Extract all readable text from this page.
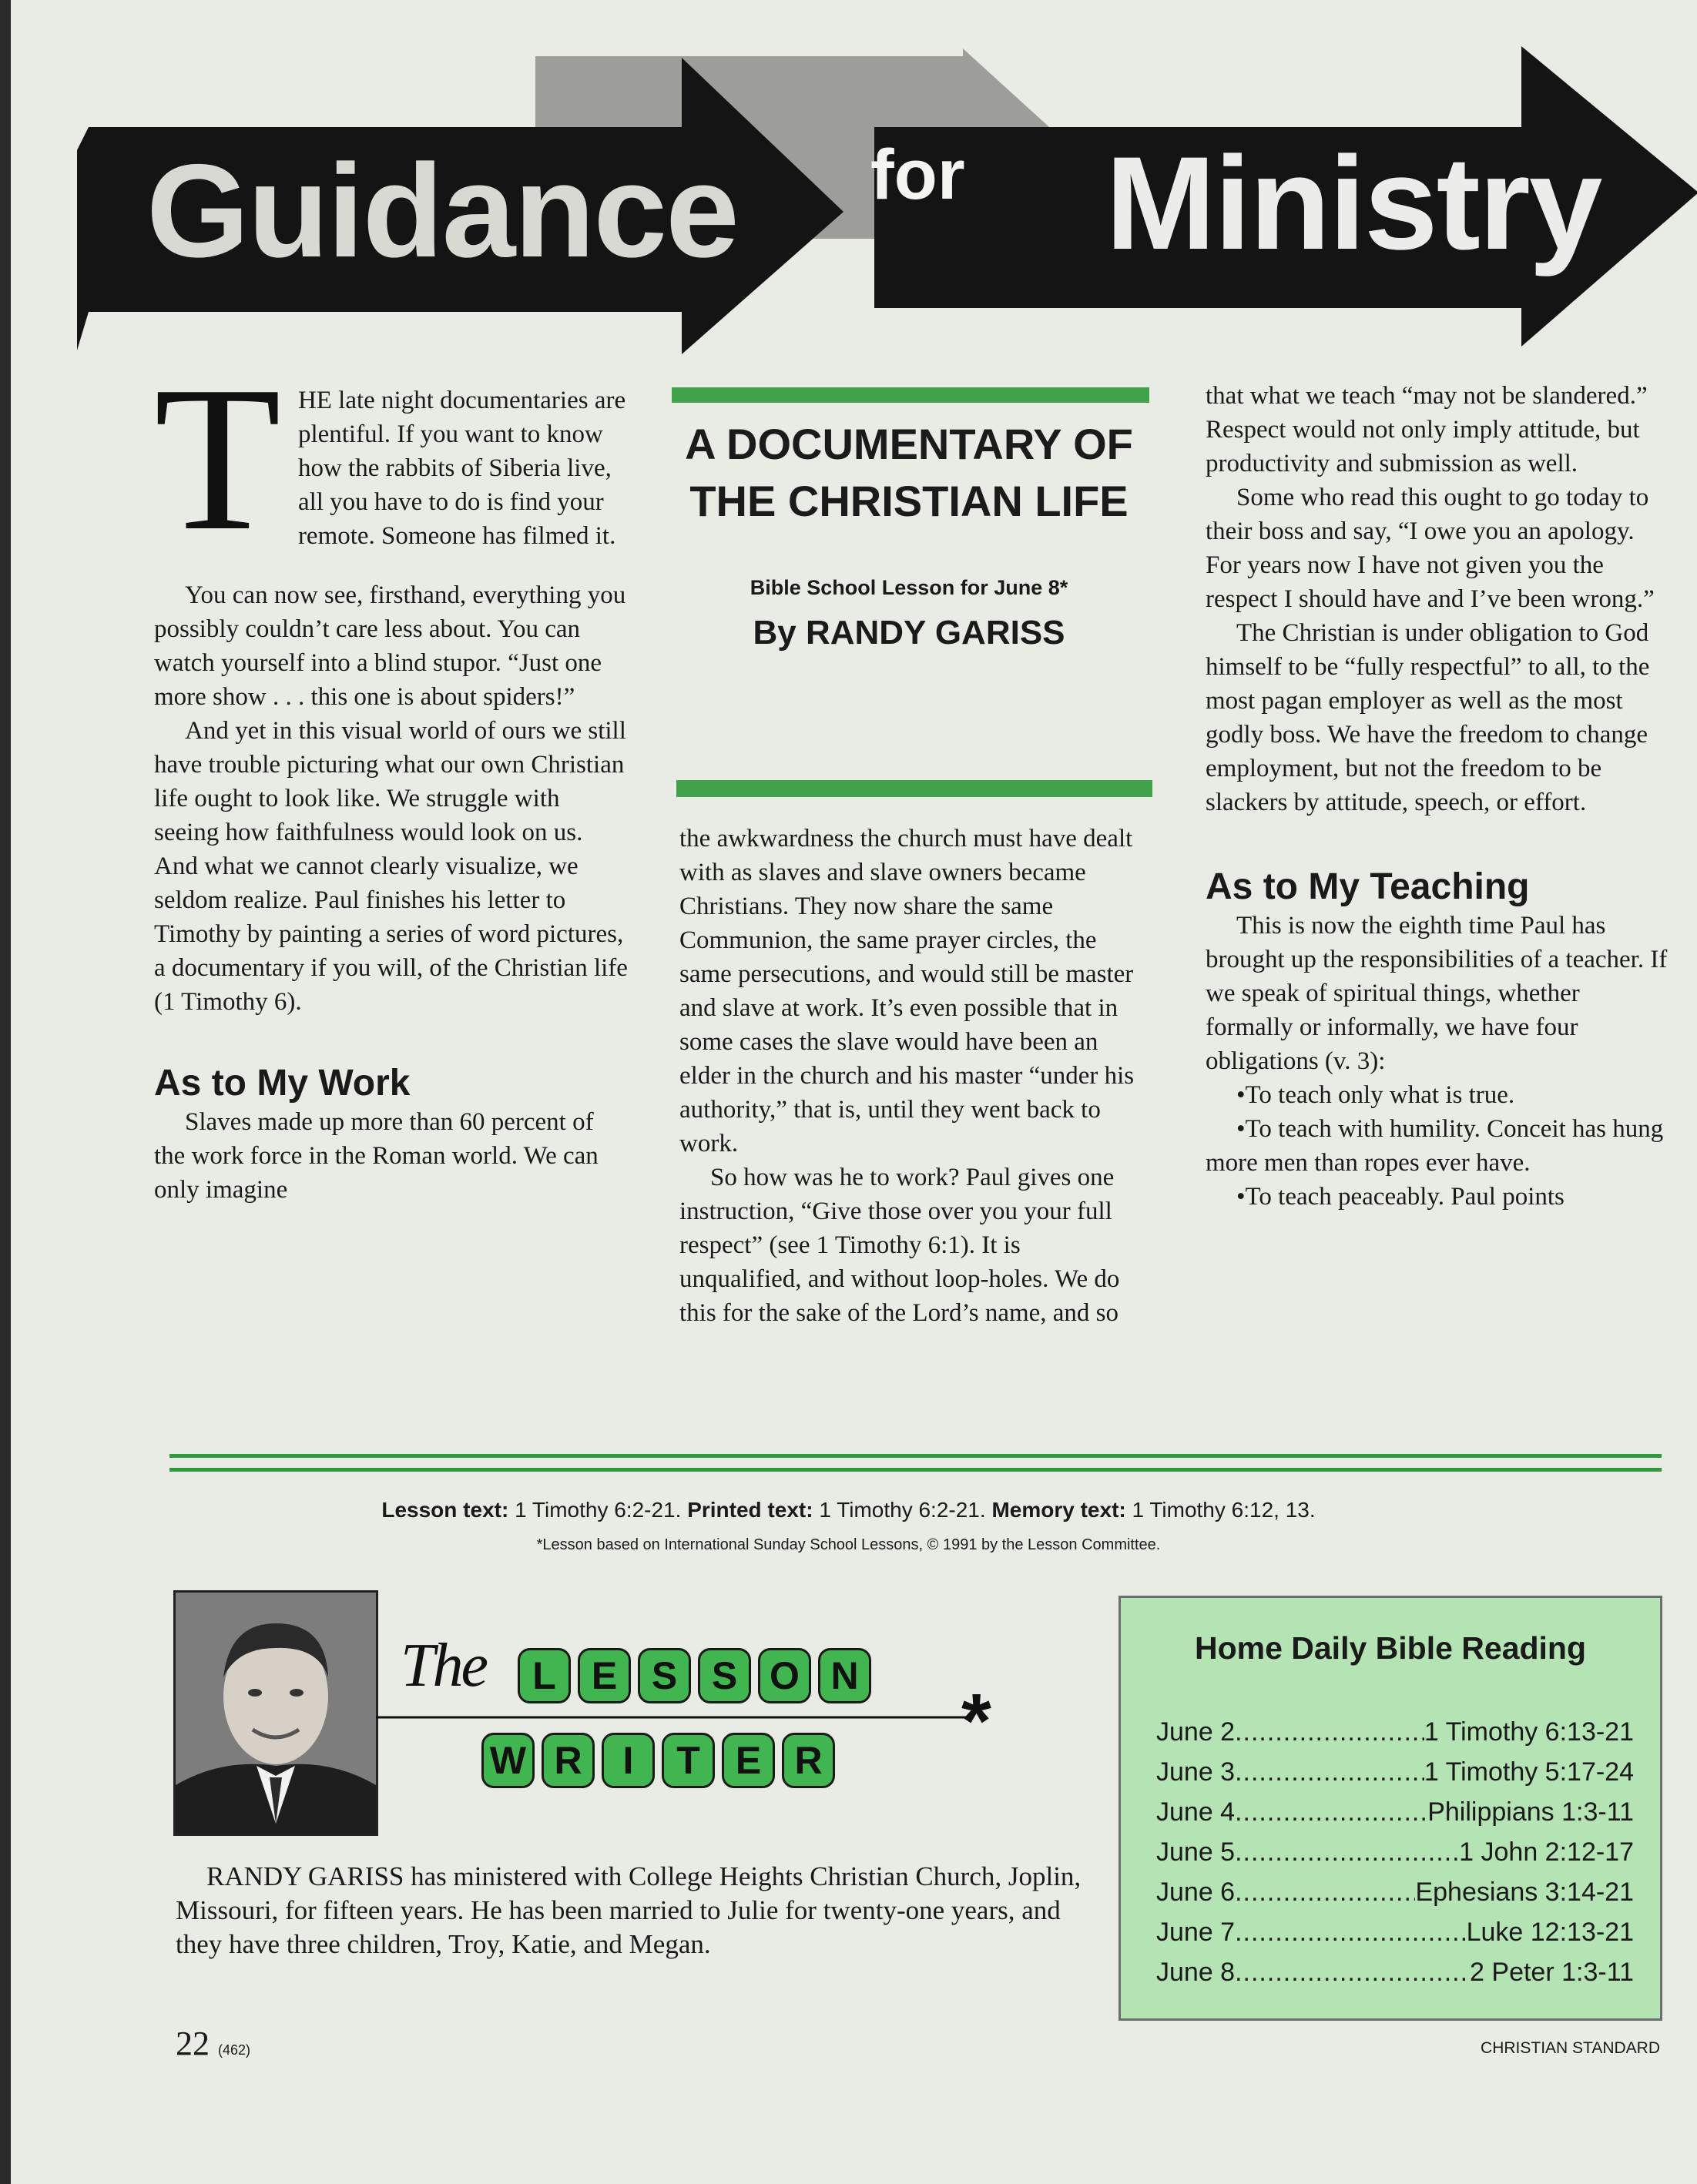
Guidance for Ministry
T HE late night documentaries are plentiful. If you want to know how the rabbits of Siberia live, all you have to do is find your remote. Someone has filmed it.

You can now see, firsthand, everything you possibly couldn’t care less about. You can watch yourself into a blind stupor. “Just one more show . . . this one is about spiders!”

And yet in this visual world of ours we still have trouble picturing what our own Christian life ought to look like. We struggle with seeing how faithfulness would look on us. And what we cannot clearly visualize, we seldom realize. Paul finishes his letter to Timothy by painting a series of word pictures, a documentary if you will, of the Christian life (1 Timothy 6).

As to My Work

Slaves made up more than 60 percent of the work force in the Roman world. We can only imagine

A DOCUMENTARY OF THE CHRISTIAN LIFE

Bible School Lesson for June 8*

By RANDY GARISS

the awkwardness the church must have dealt with as slaves and slave owners became Christians. They now share the same Communion, the same prayer circles, the same persecutions, and would still be master and slave at work. It’s even possible that in some cases the slave would have been an elder in the church and his master “under his authority,” that is, until they went back to work.

So how was he to work? Paul gives one instruction, “Give those over you your full respect” (see 1 Timothy 6:1). It is unqualified, and without loop-holes. We do this for the sake of the Lord’s name, and so

that what we teach “may not be slandered.” Respect would not only imply attitude, but productivity and submission as well.

Some who read this ought to go today to their boss and say, “I owe you an apology. For years now I have not given you the respect I should have and I’ve been wrong.”

The Christian is under obligation to God himself to be “fully respectful” to all, to the most pagan employer as well as the most godly boss. We have the freedom to change employment, but not the freedom to be slackers by attitude, speech, or effort.

As to My Teaching

This is now the eighth time Paul has brought up the responsibilities of a teacher. If we speak of spiritual things, whether formally or informally, we have four obligations (v. 3):

•To teach only what is true.

•To teach with humility. Conceit has hung more men than ropes ever have.

•To teach peaceably. Paul points

Lesson text: 1 Timothy 6:2-21. Printed text: 1 Timothy 6:2-21. Memory text: 1 Timothy 6:12, 13.
*Lesson based on International Sunday School Lessons, © 1991 by the Lesson Committee.
The	L E S S O N
W R	I	T E R *

RANDY GARISS has ministered with College Heights Christian Church, Joplin, Missouri, for fifteen years. He has been married to Julie for twenty-one years, and they have three children, Troy, Katie, and Megan.

Home Daily Bible Reading

June 2 .....	1 Timothy 6:13-21
June 3 .....	1 Timothy 5:17-24
June 4 .....	Philippians 1:3-11
June 5 .....	1 John 2:12-17
June 6 .....	Ephesians 3:14-21
June 7 .....	Luke 12:13-21
June 8 .....	2 Peter 1:3-11
22 (462)	CHRISTIAN STANDARD
